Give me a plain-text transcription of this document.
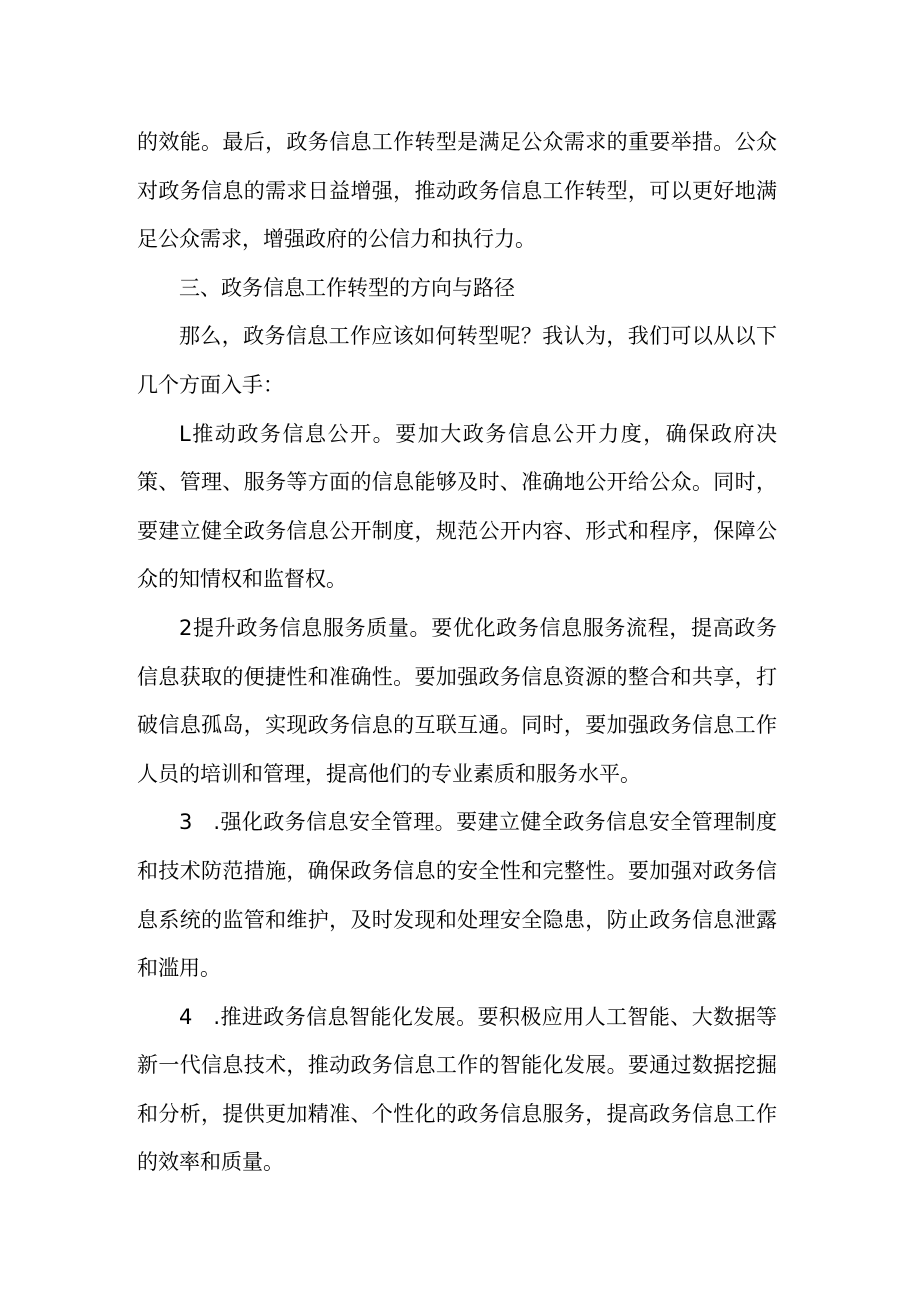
的效能。最后，政务信息工作转型是满足公众需求的重要举措。公众对政务信息的需求日益增强，推动政务信息工作转型，可以更好地满足公众需求，增强政府的公信力和执行力。

三、政务信息工作转型的方向与路径

那么，政务信息工作应该如何转型呢？我认为，我们可以从以下几个方面入手：

L推动政务信息公开。要加大政务信息公开力度，确保政府决策、管理、服务等方面的信息能够及时、准确地公开给公众。同时，要建立健全政务信息公开制度，规范公开内容、形式和程序，保障公众的知情权和监督权。

2提升政务信息服务质量。要优化政务信息服务流程，提高政务信息获取的便捷性和准确性。要加强政务信息资源的整合和共享，打破信息孤岛，实现政务信息的互联互通。同时，要加强政务信息工作人员的培训和管理，提高他们的专业素质和服务水平。

3 .强化政务信息安全管理。要建立健全政务信息安全管理制度和技术防范措施，确保政务信息的安全性和完整性。要加强对政务信息系统的监管和维护，及时发现和处理安全隐患，防止政务信息泄露和滥用。

4 .推进政务信息智能化发展。要积极应用人工智能、大数据等新一代信息技术，推动政务信息工作的智能化发展。要通过数据挖掘和分析，提供更加精准、个性化的政务信息服务，提高政务信息工作的效率和质量。
